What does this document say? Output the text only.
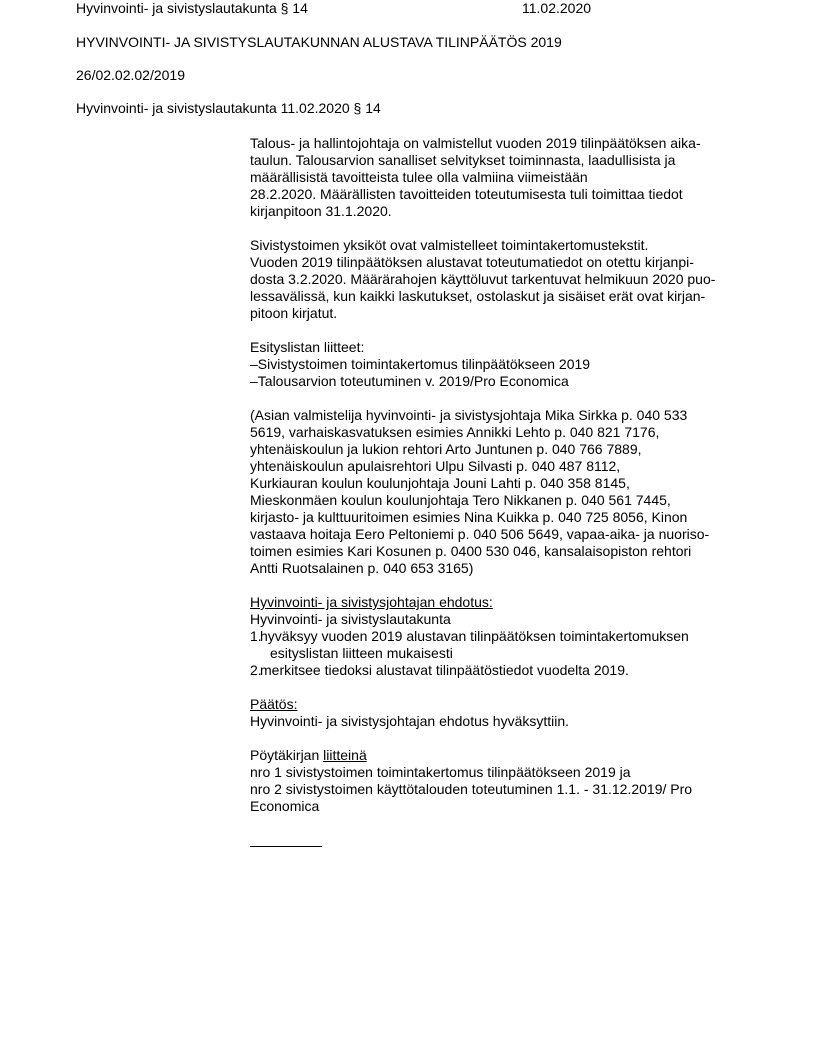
Hyvinvointi- ja sivistyslautakunta § 14	11.02.2020
HYVINVOINTI- JA SIVISTYSLAUTAKUNNAN ALUSTAVA TILINPÄÄTÖS 2019
26/02.02.02/2019
Hyvinvointi- ja sivistyslautakunta 11.02.2020 § 14

Talous- ja hallintojohtaja on valmistellut vuoden 2019 tilinpäätöksen aika-
taulun. Talousarvion sanalliset selvitykset toiminnasta, laadullisista ja
määrällisistä tavoitteista tulee olla valmiina viimeistään
28.2.2020. Määrällisten tavoitteiden toteutumisesta tuli toimittaa tiedot
kirjanpitoon 31.1.2020.

Sivistystoimen yksiköt ovat valmistelleet toimintakertomustekstit.
Vuoden 2019 tilinpäätöksen alustavat toteutumatiedot on otettu kirjanpi-
dosta 3.2.2020. Määrärahojen käyttöluvut tarkentuvat helmikuun 2020 puo-
lessavälissä, kun kaikki laskutukset, ostolaskut ja sisäiset erät ovat kirjan-
pitoon kirjatut.

Esityslistan liitteet:
–Sivistystoimen toimintakertomus tilinpäätökseen 2019
–Talousarvion toteutuminen v. 2019/Pro Economica

(Asian valmistelija hyvinvointi- ja sivistysjohtaja Mika Sirkka p. 040 533
5619, varhaiskasvatuksen esimies Annikki Lehto p. 040 821 7176,
yhtenäiskoulun ja lukion rehtori Arto Juntunen p. 040 766 7889,
yhtenäiskoulun apulaisrehtori Ulpu Silvasti p. 040 487 8112,
Kurkiauran koulun koulunjohtaja Jouni Lahti p. 040 358 8145,
Mieskonmäen koulun koulunjohtaja Tero Nikkanen p. 040 561 7445,
kirjasto- ja kulttuuritoimen esimies Nina Kuikka p. 040 725 8056, Kinon
vastaava hoitaja Eero Peltoniemi p. 040 506 5649, vapaa-aika- ja nuoriso-
toimen esimies Kari Kosunen p. 0400 530 046, kansalaisopiston rehtori
Antti Ruotsalainen p. 040 653 3165)

Hyvinvointi- ja sivistysjohtajan ehdotus:
Hyvinvointi- ja sivistyslautakunta
1.
hyväksyy vuoden 2019 alustavan tilinpäätöksen toimintakertomuksen
esityslistan liitteen mukaisesti
2.
merkitsee tiedoksi alustavat tilinpäätöstiedot vuodelta 2019.
Päätös:
Hyvinvointi- ja sivistysjohtajan ehdotus hyväksyttiin.
Pöytäkirjan liitteinä
nro 1 sivistystoimen toimintakertomus tilinpäätökseen 2019 ja
nro 2 sivistystoimen käyttötalouden toteutuminen 1.1. - 31.12.2019/ Pro
Economica
